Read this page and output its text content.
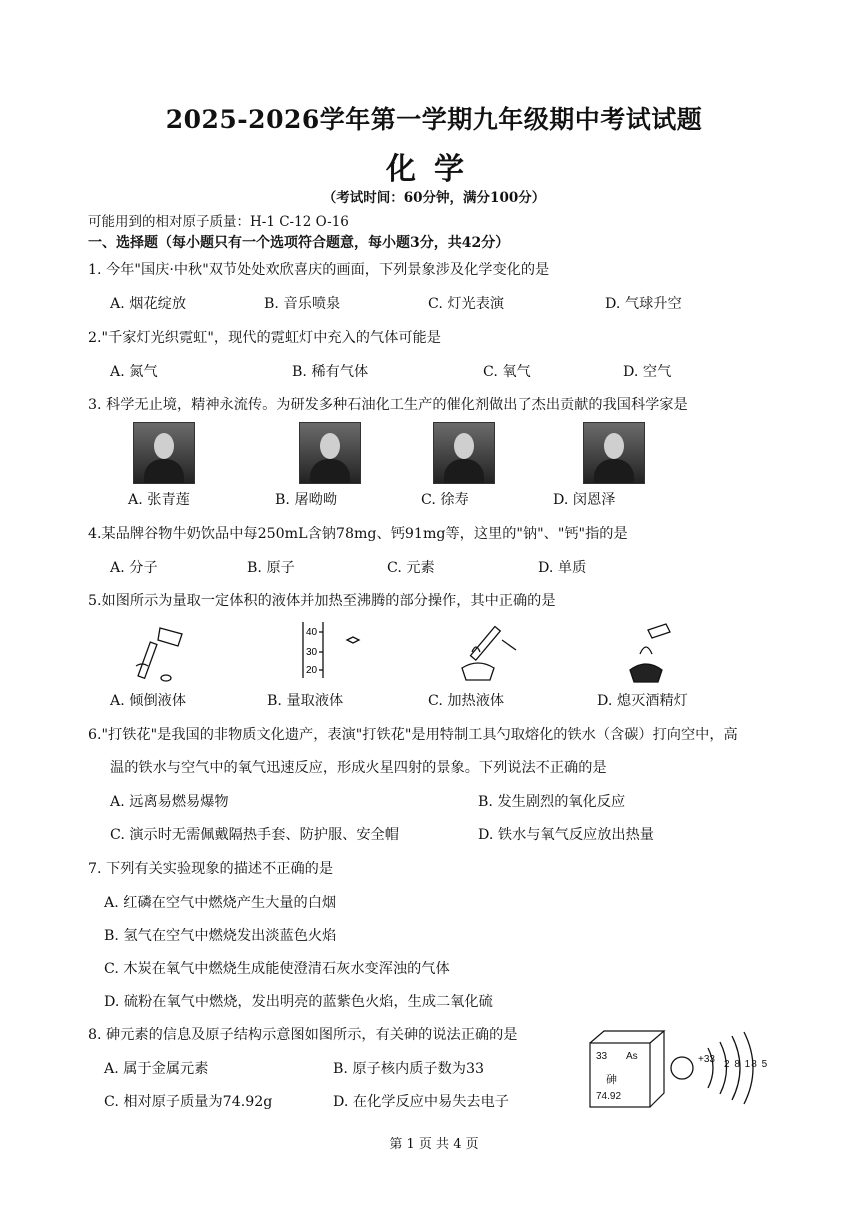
2025-2026学年第一学期九年级期中考试试题
化学
（考试时间：60分钟，满分100分）
可能用到的相对原子质量：H-1 C-12 O-16
一、选择题（每小题只有一个选项符合题意，每小题3分，共42分）
1. 今年"国庆·中秋"双节处处欢欣喜庆的画面，下列景象涉及化学变化的是
A. 烟花绽放	B. 音乐喷泉	C. 灯光表演	D. 气球升空
2."千家灯光织霓虹"，现代的霓虹灯中充入的气体可能是
A. 氮气	B. 稀有气体	C. 氧气	D. 空气
3. 科学无止境，精神永流传。为研发多种石油化工生产的催化剂做出了杰出贡献的我国科学家是
A. 张青莲	B. 屠呦呦	C. 徐寿	D. 闵恩泽
4.某品牌谷物牛奶饮品中每250mL含钠78mg、钙91mg等，这里的"钠"、"钙"指的是
A. 分子	B. 原子	C. 元素	D. 单质
5.如图所示为量取一定体积的液体并加热至沸腾的部分操作，其中正确的是
40
30
20
A. 倾倒液体	B. 量取液体	C. 加热液体	D. 熄灭酒精灯
6."打铁花"是我国的非物质文化遗产，表演"打铁花"是用特制工具勺取熔化的铁水（含碳）打向空中，高
温的铁水与空气中的氧气迅速反应，形成火星四射的景象。下列说法不正确的是
A. 远离易燃易爆物	B. 发生剧烈的氧化反应
C. 演示时无需佩戴隔热手套、防护服、安全帽	D. 铁水与氧气反应放出热量
7. 下列有关实验现象的描述不正确的是
A. 红磷在空气中燃烧产生大量的白烟
B. 氢气在空气中燃烧发出淡蓝色火焰
C. 木炭在氧气中燃烧生成能使澄清石灰水变浑浊的气体
D. 硫粉在氧气中燃烧，发出明亮的蓝紫色火焰，生成二氧化硫
8. 砷元素的信息及原子结构示意图如图所示，有关砷的说法正确的是
A. 属于金属元素	B. 原子核内质子数为33
C. 相对原子质量为74.92g	D. 在化学反应中易失去电子
33 As
砷
74.92
+33 2 8 18 5
第 1 页 共 4 页
